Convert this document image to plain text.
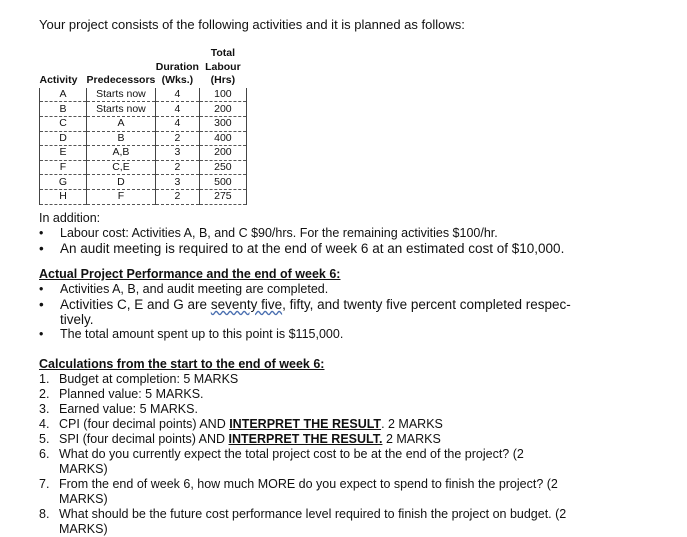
Your project consists of the following activities and it is planned as follows:
			Total
		Duration	Labour
Activity	Predecessors	(Wks.)	(Hrs)
A	Starts now	4	100
B	Starts now	4	200
C	A	4	300
D	B	2	400
E	A,B	3	200
F	C,E	2	250
G	D	3	500
H	F	2	275
In addition:
• Labour cost: Activities A, B, and C $90/hrs. For the remaining activities $100/hr.
• An audit meeting is required to at the end of week 6 at an estimated cost of $10,000.
Actual Project Performance and the end of week 6:
• Activities A, B, and audit meeting are completed.
• Activities C, E and G are seventy five, fifty, and twenty five percent completed respec-
tively.
• The total amount spent up to this point is $115,000.
Calculations from the start to the end of week 6:
1. Budget at completion: 5 MARKS
2. Planned value: 5 MARKS.
3. Earned value: 5 MARKS.
4. CPI (four decimal points) AND INTERPRET THE RESULT. 2 MARKS
5. SPI (four decimal points) AND INTERPRET THE RESULT. 2 MARKS
6. What do you currently expect the total project cost to be at the end of the project? (2 MARKS)
7. From the end of week 6, how much MORE do you expect to spend to finish the project? (2 MARKS)
8. What should be the future cost performance level required to finish the project on budget. (2 MARKS)
